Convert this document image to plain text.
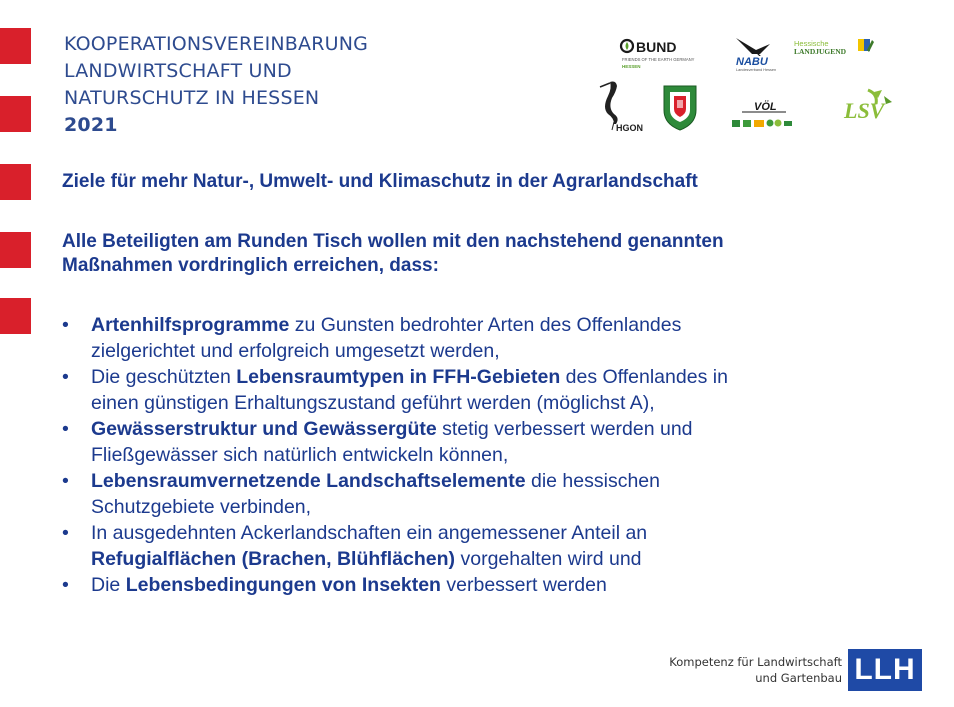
KOOPERATIONSVEREINBARUNG
LANDWIRTSCHAFT UND
NATURSCHUTZ IN HESSEN
2021
BUND
FRIENDS OF THE EARTH GERMANY
HESSEN	NABU
Landesverband Hessen
Hessische
LANDJUGEND
HGON
VÖL	LSV

Ziele für mehr Natur-, Umwelt- und Klimaschutz in der Agrarlandschaft

Alle Beteiligten am Runden Tisch wollen mit den nachstehend genannten
Maßnahmen vordringlich erreichen, dass:
• Artenhilfsprogramme zu Gunsten bedrohter Arten des Offenlandes
zielgerichtet und erfolgreich umgesetzt werden,
• Die geschützten Lebensraumtypen in FFH-Gebieten des Offenlandes in
einen günstigen Erhaltungszustand geführt werden (möglichst A),
• Gewässerstruktur und Gewässergüte stetig verbessert werden und
Fließgewässer sich natürlich entwickeln können,
• Lebensraumvernetzende Landschaftselemente die hessischen
Schutzgebiete verbinden,
• In ausgedehnten Ackerlandschaften ein angemessener Anteil an
Refugialflächen (Brachen, Blühflächen) vorgehalten wird und
• Die Lebensbedingungen von Insekten verbessert werden
Kompetenz für Landwirtschaft
und Gartenbau LLH
